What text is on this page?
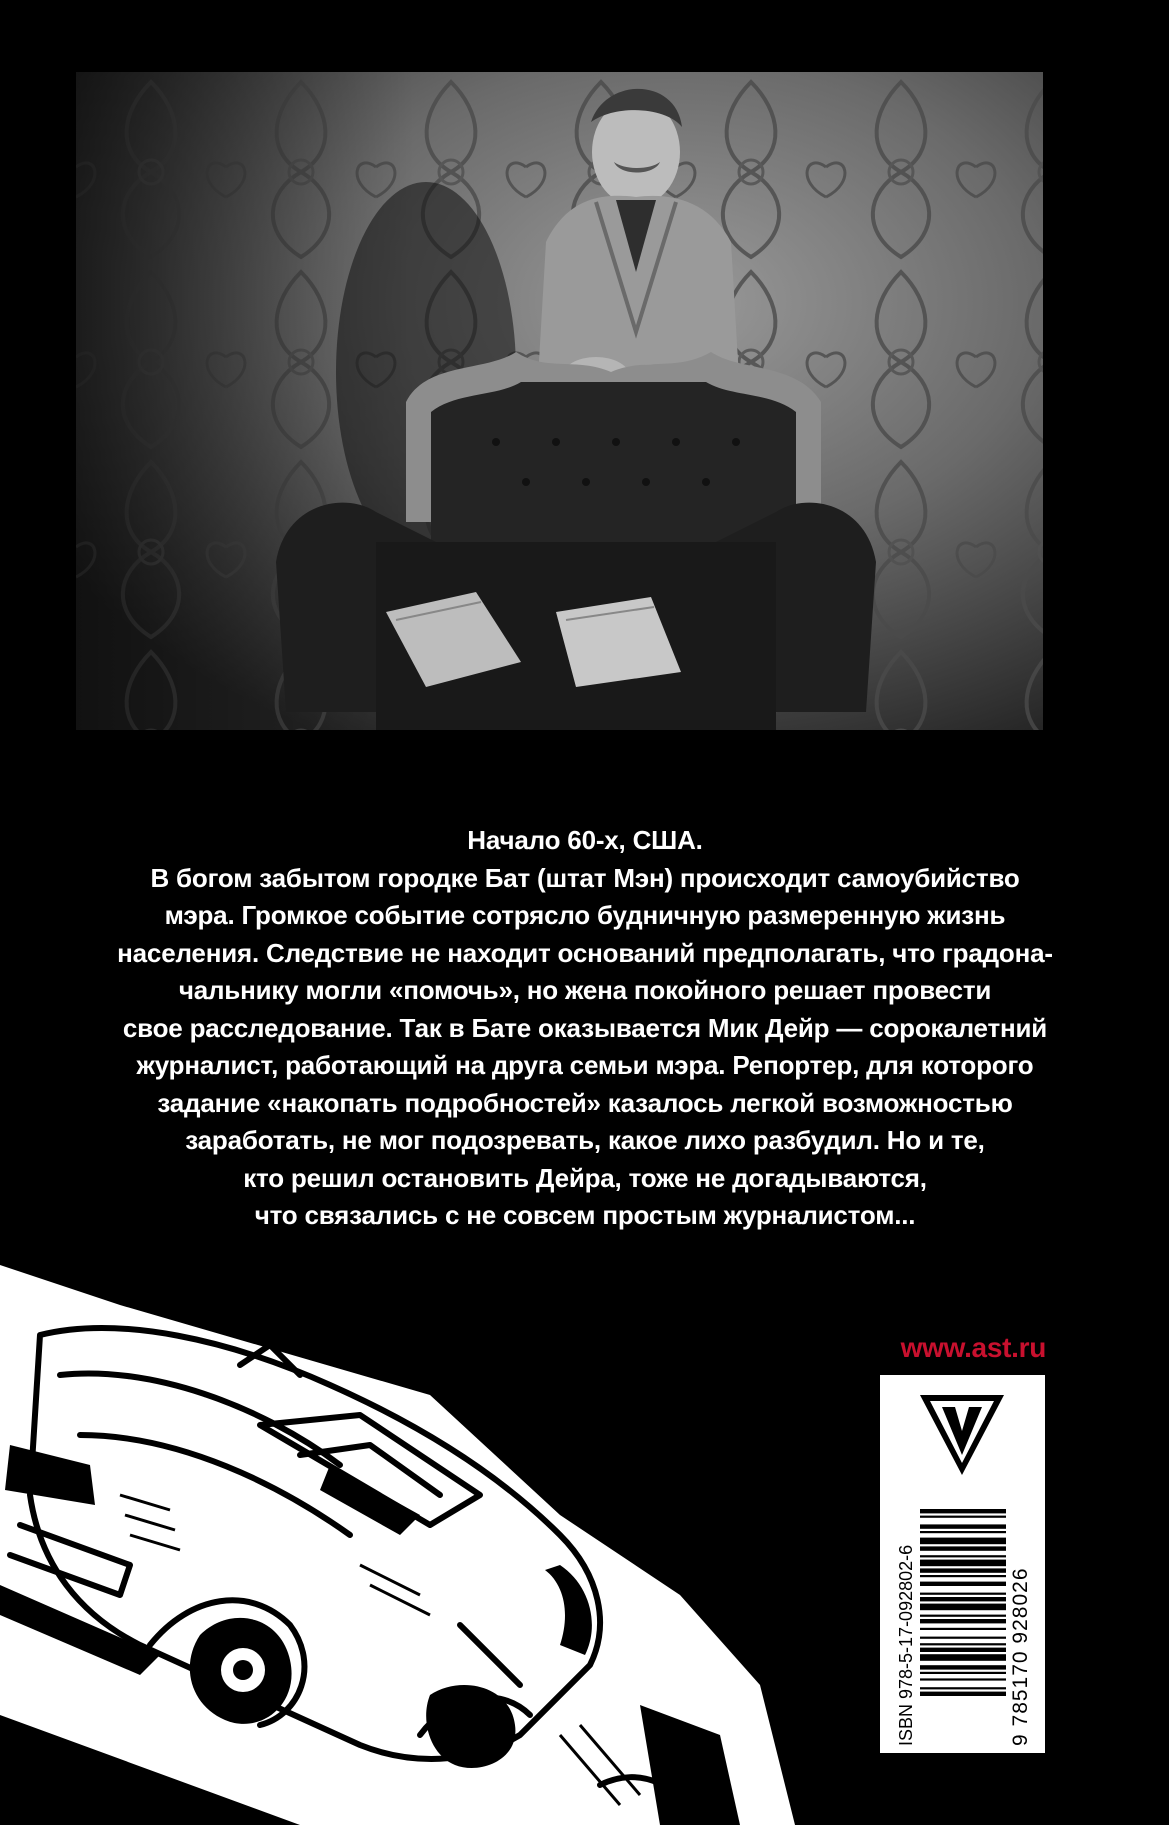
Начало 60-х, США.
В богом забытом городке Бат (штат Мэн) происходит самоубийство
мэра. Громкое событие сотрясло будничную размеренную жизнь
населения. Следствие не находит оснований предполагать, что градона-
чальнику могли «помочь», но жена покойного решает провести
свое расследование. Так в Бате оказывается Мик Дейр — сорокалетний
журналист, работающий на друга семьи мэра. Репортер, для которого
задание «накопать подробностей» казалось легкой возможностью
заработать, не мог подозревать, какое лихо разбудил. Но и те,
кто решил остановить Дейра, тоже не догадываются,
что связались с не совсем простым журналистом...
www.ast.ru
ISBN 978-5-17-092802-6	9 785170 928026
